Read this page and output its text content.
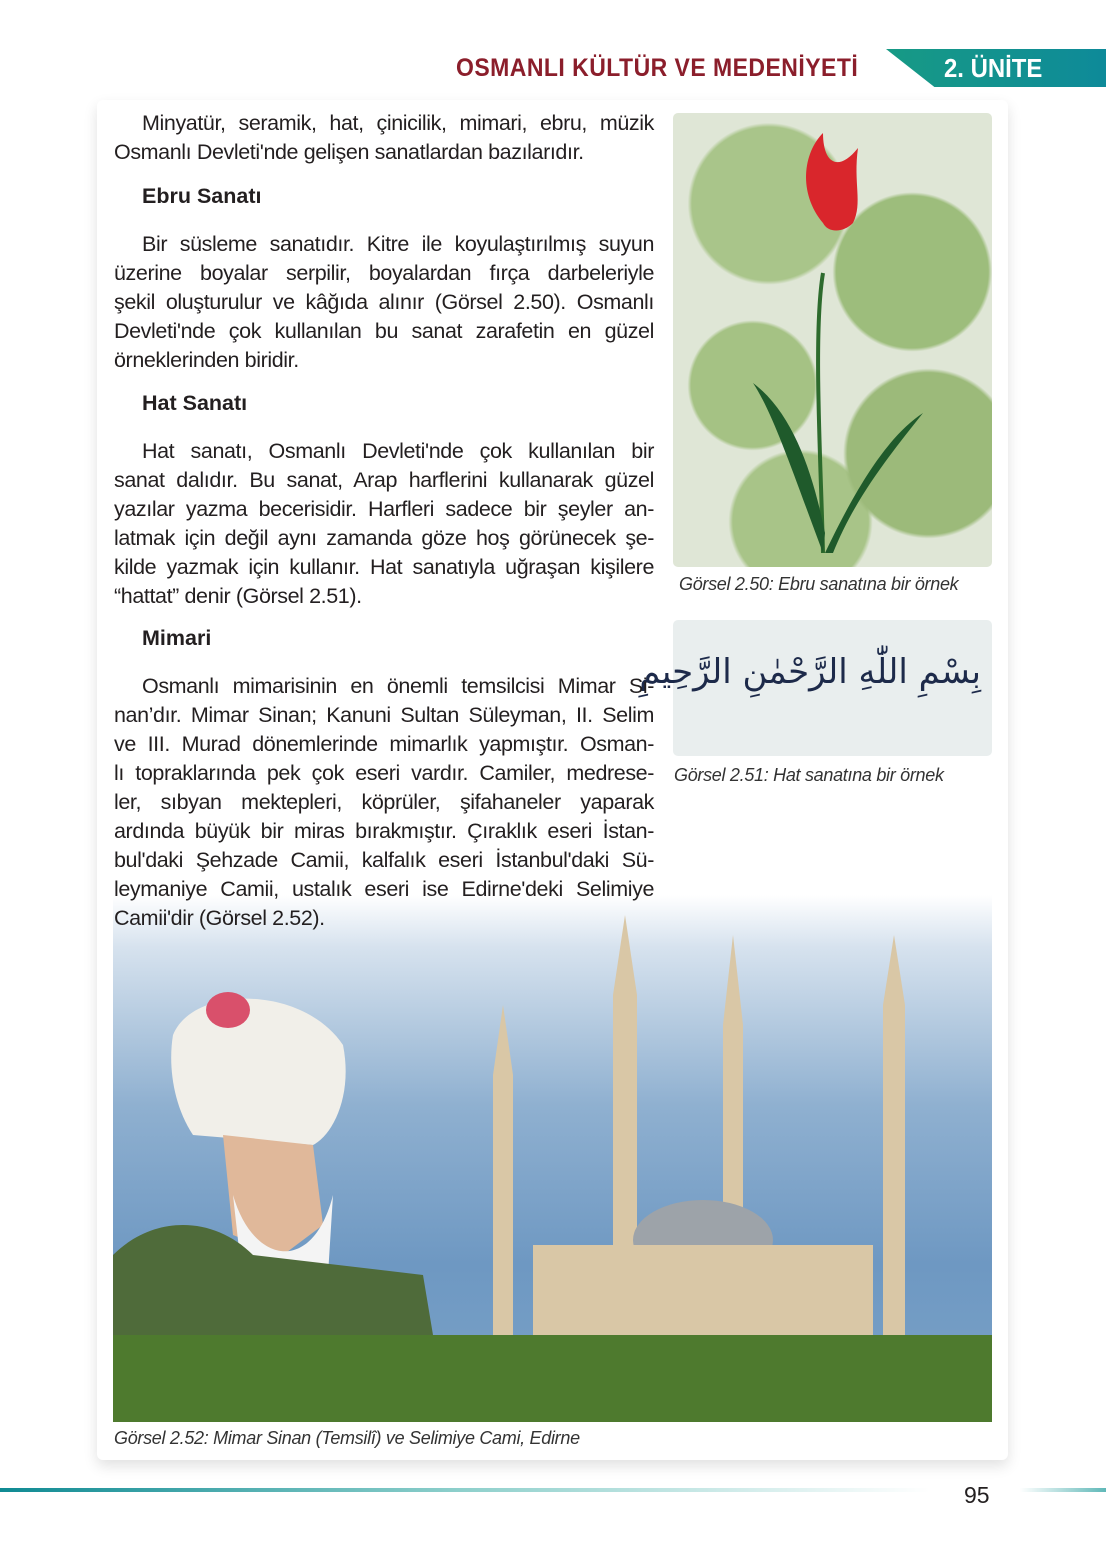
OSMANLI KÜLTÜR VE MEDENİYETİ	2. ÜNİTE
Minyatür, seramik, hat, çinicilik, mimari, ebru, müzik
Osmanlı Devleti'nde gelişen sanatlardan bazılarıdır.
Ebru Sanatı
Bir süsleme sanatıdır. Kitre ile koyulaştırılmış suyun
üzerine boyalar serpilir, boyalardan fırça darbeleriyle
şekil oluşturulur ve kâğıda alınır (Görsel 2.50). Osmanlı
Devleti'nde çok kullanılan bu sanat zarafetin en güzel
örneklerinden biridir.
Hat Sanatı
Hat sanatı, Osmanlı Devleti'nde çok kullanılan bir
sanat dalıdır. Bu sanat, Arap harflerini kullanarak güzel
yazılar yazma becerisidir. Harfleri sadece bir şeyler an-
latmak için değil aynı zamanda göze hoş görünecek şe-
kilde yazmak için kullanır. Hat sanatıyla uğraşan kişilere
“hattat” denir (Görsel 2.51).
Mimari
Osmanlı mimarisinin en önemli temsilcisi Mimar Si-
nan’dır. Mimar Sinan; Kanuni Sultan Süleyman, II. Selim
ve III. Murad dönemlerinde mimarlık yapmıştır. Osman-
lı topraklarında pek çok eseri vardır. Camiler, medrese-
ler, sıbyan mektepleri, köprüler, şifahaneler yaparak
ardında büyük bir miras bırakmıştır. Çıraklık eseri İstan-
bul'daki Şehzade Camii, kalfalık eseri İstanbul'daki Sü-
leymaniye Camii, ustalık eseri ise Edirne'deki Selimiye
Camii'dir (Görsel 2.52).
Görsel 2.50: Ebru sanatına bir örnek
بِسْمِ اللّٰهِ الرَّحْمٰنِ الرَّحِيمِ
Görsel 2.51: Hat sanatına bir örnek
Görsel 2.52: Mimar Sinan (Temsilî) ve Selimiye Cami, Edirne
95
